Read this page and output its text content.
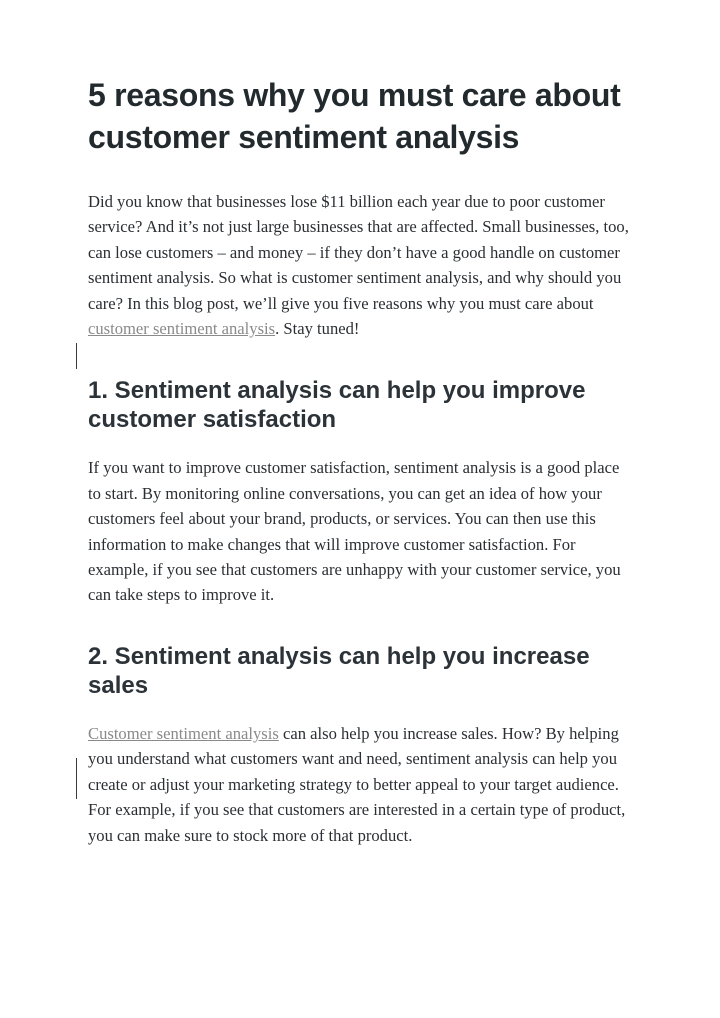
5 reasons why you must care about customer sentiment analysis

Did you know that businesses lose $11 billion each year due to poor customer service? And it’s not just large businesses that are affected. Small businesses, too, can lose customers – and money – if they don’t have a good handle on customer sentiment analysis. So what is customer sentiment analysis, and why should you care? In this blog post, we’ll give you five reasons why you must care about customer sentiment analysis. Stay tuned!

1. Sentiment analysis can help you improve customer satisfaction

If you want to improve customer satisfaction, sentiment analysis is a good place to start. By monitoring online conversations, you can get an idea of how your customers feel about your brand, products, or services. You can then use this information to make changes that will improve customer satisfaction. For example, if you see that customers are unhappy with your customer service, you can take steps to improve it.

2. Sentiment analysis can help you increase sales

Customer sentiment analysis can also help you increase sales. How? By helping you understand what customers want and need, sentiment analysis can help you create or adjust your marketing strategy to better appeal to your target audience. For example, if you see that customers are interested in a certain type of product, you can make sure to stock more of that product.
